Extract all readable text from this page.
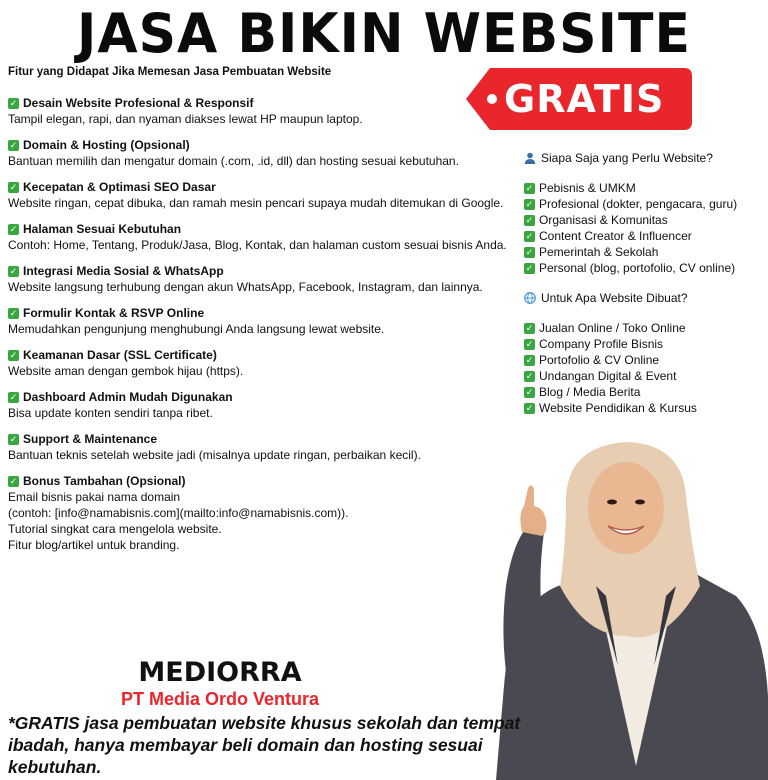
JASA BIKIN WEBSITE
Fitur yang Didapat Jika Memesan Jasa Pembuatan Website
GRATIS
✓ Desain Website Profesional & Responsif
Tampil elegan, rapi, dan nyaman diakses lewat HP maupun laptop.
✓ Domain & Hosting (Opsional)
Bantuan memilih dan mengatur domain (.com, .id, dll) dan hosting sesuai kebutuhan.
✓ Kecepatan & Optimasi SEO Dasar
Website ringan, cepat dibuka, dan ramah mesin pencari supaya mudah ditemukan di Google.
✓ Halaman Sesuai Kebutuhan
Contoh: Home, Tentang, Produk/Jasa, Blog, Kontak, dan halaman custom sesuai bisnis Anda.
✓ Integrasi Media Sosial & WhatsApp
Website langsung terhubung dengan akun WhatsApp, Facebook, Instagram, dan lainnya.
✓ Formulir Kontak & RSVP Online
Memudahkan pengunjung menghubungi Anda langsung lewat website.
✓ Keamanan Dasar (SSL Certificate)
Website aman dengan gembok hijau (https).
✓ Dashboard Admin Mudah Digunakan
Bisa update konten sendiri tanpa ribet.
✓ Support & Maintenance
Bantuan teknis setelah website jadi (misalnya update ringan, perbaikan kecil).
✓ Bonus Tambahan (Opsional)
Email bisnis pakai nama domain
(contoh: [info@namabisnis.com](mailto:info@namabisnis.com)).
Tutorial singkat cara mengelola website.
Fitur blog/artikel untuk branding.
Siapa Saja yang Perlu Website?
✓ Pebisnis & UMKM
✓ Profesional (dokter, pengacara, guru)
✓ Organisasi & Komunitas
✓ Content Creator & Influencer
✓ Pemerintah & Sekolah
✓ Personal (blog, portofolio, CV online)
Untuk Apa Website Dibuat?
✓ Jualan Online / Toko Online
✓ Company Profile Bisnis
✓ Portofolio & CV Online
✓ Undangan Digital & Event
✓ Blog / Media Berita
✓ Website Pendidikan & Kursus
MEDIORRA
PT Media Ordo Ventura
*GRATIS jasa pembuatan website khusus sekolah dan tempat ibadah, hanya membayar beli domain dan hosting sesuai kebutuhan.
